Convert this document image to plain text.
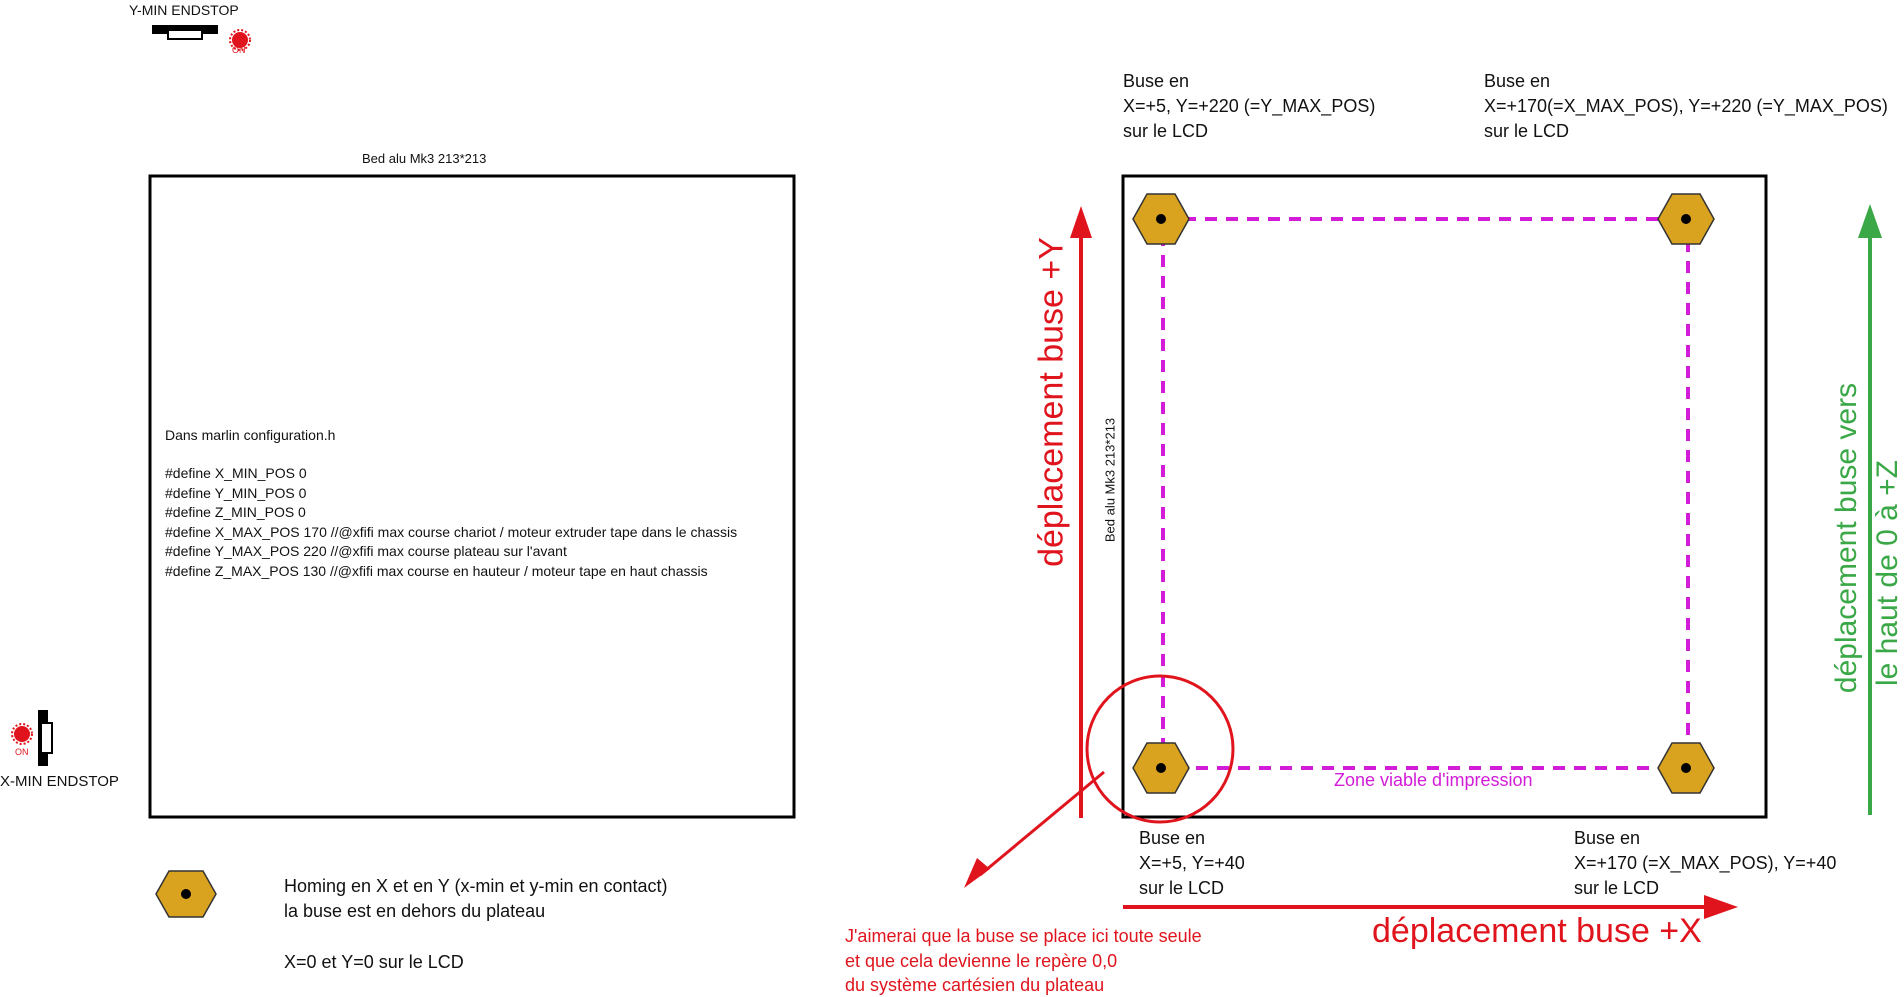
Y-MIN ENDSTOP
ON
Bed alu Mk3 213*213
Dans marlin configuration.h
#define X_MIN_POS 0
#define Y_MIN_POS 0
#define Z_MIN_POS 0
#define X_MAX_POS 170 //@xfifi max course chariot / moteur extruder tape dans le chassis
#define Y_MAX_POS 220 //@xfifi max course plateau sur l'avant
#define Z_MAX_POS 130 //@xfifi max course en hauteur / moteur tape en haut chassis
ON
X-MIN ENDSTOP
Homing en X et en Y (x-min et y-min en contact)
la buse est en dehors du plateau
X=0 et Y=0 sur le LCD
Buse en
X=+5, Y=+220 (=Y_MAX_POS)
sur le LCD
Buse en
X=+170(=X_MAX_POS), Y=+220 (=Y_MAX_POS)
sur le LCD
Buse en
X=+5, Y=+40
sur le LCD
Buse en
X=+170 (=X_MAX_POS), Y=+40
sur le LCD
Zone viable d'impression
Bed alu Mk3 213*213
déplacement buse +Y
déplacement buse +X
déplacement buse vers le haut de 0 à +Z
J'aimerai que la buse se place ici toute seule
et que cela devienne le repère 0,0
du système cartésien du plateau
